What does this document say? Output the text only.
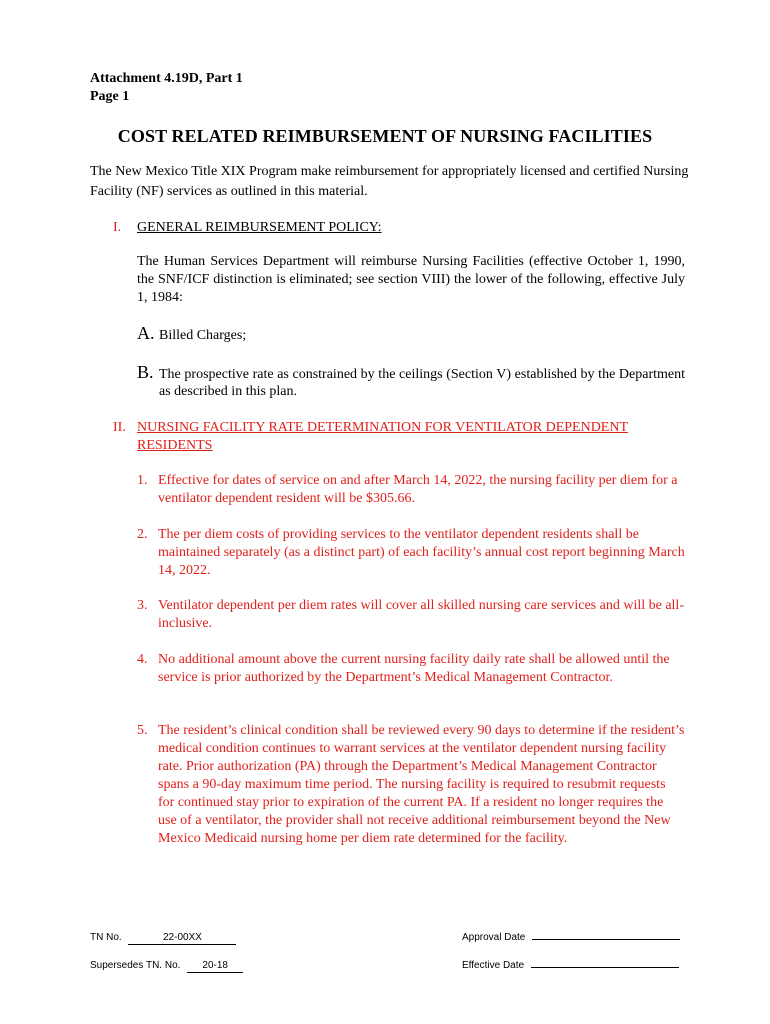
Attachment 4.19D, Part 1
Page 1
COST RELATED REIMBURSEMENT OF NURSING FACILITIES
The New Mexico Title XIX Program make reimbursement for appropriately licensed and certified Nursing Facility (NF) services as outlined in this material.
I. GENERAL REIMBURSEMENT POLICY:
The Human Services Department will reimburse Nursing Facilities (effective October 1, 1990, the SNF/ICF distinction is eliminated; see section VIII) the lower of the following, effective July 1, 1984:
A. Billed Charges;
B. The prospective rate as constrained by the ceilings (Section V) established by the Department as described in this plan.
II. NURSING FACILITY RATE DETERMINATION FOR VENTILATOR DEPENDENT
RESIDENTS
1. Effective for dates of service on and after March 14, 2022, the nursing facility per diem for a ventilator dependent resident will be $305.66.
2. The per diem costs of providing services to the ventilator dependent residents shall be maintained separately (as a distinct part) of each facility’s annual cost report beginning March 14, 2022.
3. Ventilator dependent per diem rates will cover all skilled nursing care services and will be all-inclusive.
4. No additional amount above the current nursing facility daily rate shall be allowed until the service is prior authorized by the Department’s Medical Management Contractor.
5. The resident’s clinical condition shall be reviewed every 90 days to determine if the resident’s medical condition continues to warrant services at the ventilator dependent nursing facility rate. Prior authorization (PA) through the Department’s Medical Management Contractor spans a 90-day maximum time period. The nursing facility is required to resubmit requests for continued stay prior to expiration of the current PA. If a resident no longer requires the use of a ventilator, the provider shall not receive additional reimbursement beyond the New Mexico Medicaid nursing home per diem rate determined for the facility.
TN No.	22-00XX
Supersedes TN. No. 20-18
Approval Date
Effective Date
